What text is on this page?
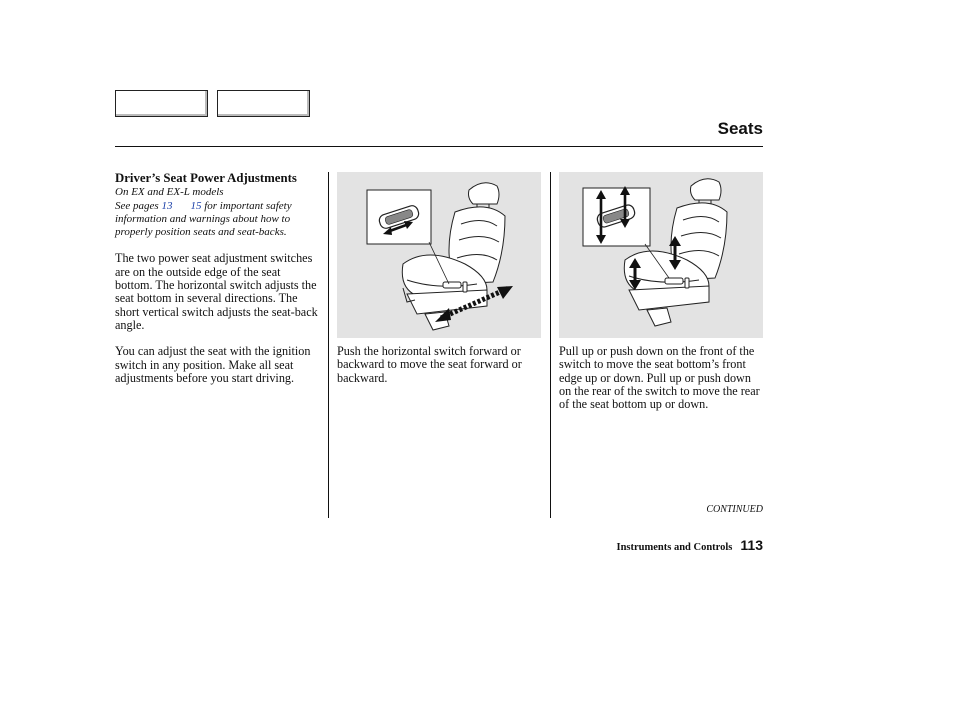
Seats
Driver’s Seat Power Adjustments
On EX and EX-L models
See pages 13 15 for important safety information and warnings about how to properly position seats and seat-backs.

The two power seat adjustment switches are on the outside edge of the seat bottom. The horizontal switch adjusts the seat bottom in several directions. The short vertical switch adjusts the seat-back angle.

You can adjust the seat with the ignition switch in any position. Make all seat adjustments before you start driving.

Push the horizontal switch forward or backward to move the seat forward or backward.
Pull up or push down on the front of the switch to move the seat bottom’s front edge up or down. Pull up or push down on the rear of the switch to move the rear of the seat bottom up or down.
CONTINUED
Instruments and Controls 113
